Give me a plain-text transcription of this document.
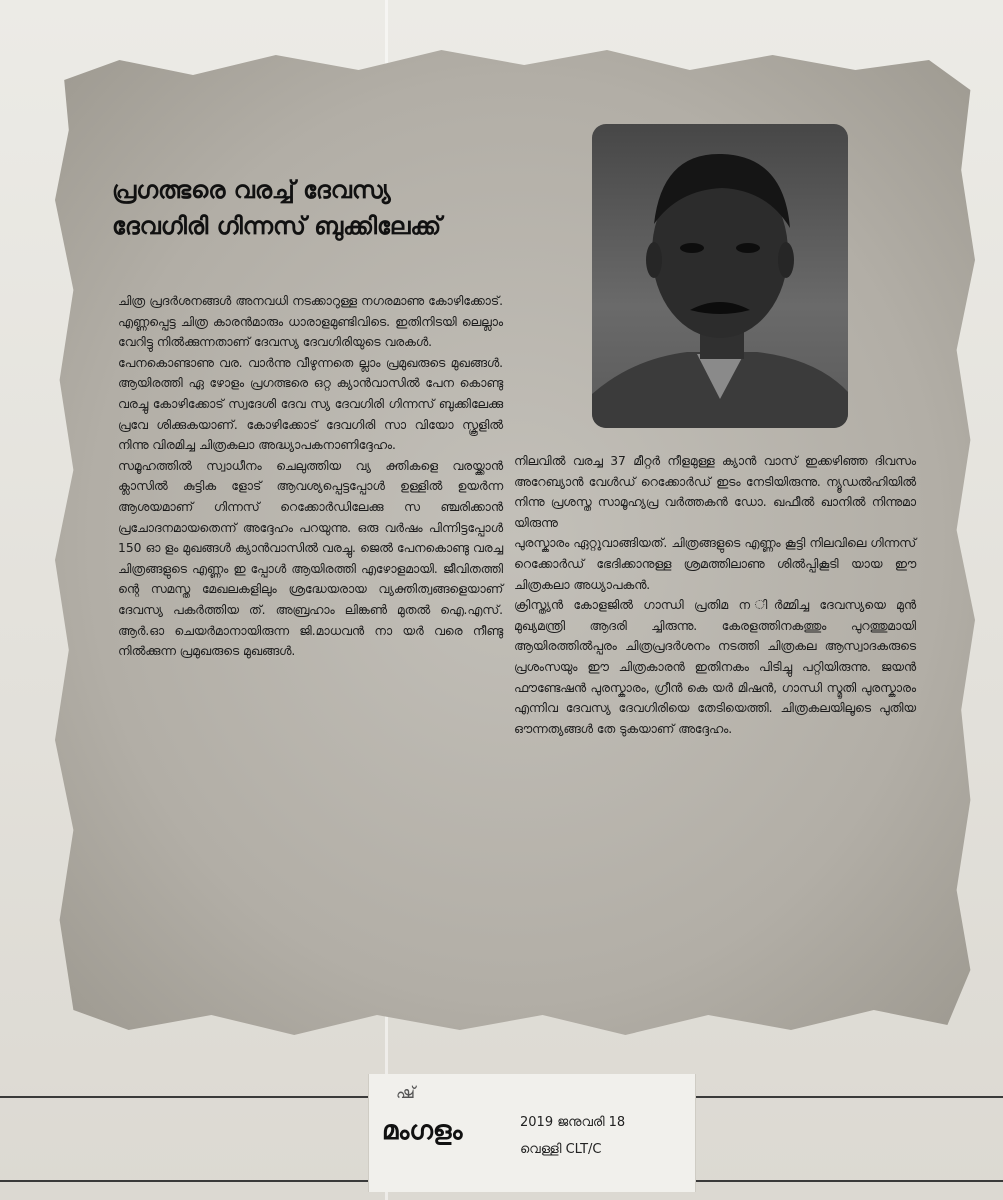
പ്രഗത്ഭരെ വരച്ച് ദേവസ്യ
ദേവഗിരി ഗിന്നസ് ബുക്കിലേക്ക്

ചിത്ര പ്രദർശനങ്ങൾ അനവധി നടക്കാറുള്ള നഗരമാണു കോഴിക്കോട്. എണ്ണപ്പെട്ട ചിത്ര കാരൻമാരും ധാരാളമുണ്ടിവിടെ. ഇതിനിടയി ലെല്ലാം വേറിട്ടു നിൽക്കുന്നതാണ് ദേവസ്യ ദേവഗിരിയുടെ വരകൾ.

പേനകൊണ്ടാണു വര. വാർന്നു വീഴുന്നതെ ല്ലാം പ്രമുഖരുടെ മുഖങ്ങൾ. ആയിരത്തി ഏ ഴോളം പ്രഗത്ഭരെ ഒറ്റ ക്യാൻവാസിൽ പേന കൊണ്ടു വരച്ചു കോഴിക്കോട് സ്വദേശി ദേവ സ്യ ദേവഗിരി ഗിന്നസ് ബുക്കിലേക്കു പ്രവേ ശിക്കുകയാണ്. കോഴിക്കോട് ദേവഗിരി സാ വിയോ സ്കൂളിൽ നിന്നു വിരമിച്ച ചിത്രകലാ അദ്ധ്യാപകനാണിദ്ദേഹം.

സമൂഹത്തിൽ സ്വാധീനം ചെലുത്തിയ വ്യ ക്തികളെ വരയ്ക്കാൻ ക്ലാസിൽ കുട്ടിക ളോട് ആവശ്യപ്പെട്ടപ്പോൾ ഉള്ളിൽ ഉയർന്ന ആശയമാണ് ഗിന്നസ് റെക്കോർഡിലേക്കു സ ഞ്ചരിക്കാൻ പ്രചോദനമായതെന്ന് അദ്ദേഹം പറയുന്നു. ഒരു വർഷം പിന്നിട്ടപ്പോൾ 150 ഓ ളം മുഖങ്ങൾ ക്യാൻവാസിൽ വരച്ചു. ജെൽ പേനകൊണ്ടു വരച്ച ചിത്രങ്ങളുടെ എണ്ണം ഇ പ്പോൾ ആയിരത്തി എഴോളമായി. ജീവിതത്തി ന്റെ സമസ്ത മേഖലകളിലും ശ്രദ്ധേയരായ വ്യക്തിത്വങ്ങളെയാണ് ദേവസ്യ പകർത്തിയ ത്. അബ്രഹാം ലിങ്കൺ മുതൽ ഐ.എസ്. ആർ.ഓ ചെയർമാനായിരുന്ന ജി.മാധവൻ നാ യർ വരെ നീണ്ടു നിൽക്കുന്ന പ്രമുഖരുടെ മുഖങ്ങൾ.

നിലവിൽ വരച്ച 37 മീറ്റർ നീളമുള്ള ക്യാൻ വാസ് ഇക്കഴിഞ്ഞ ദിവസം അറേബ്യാൻ വേൾഡ് റെക്കോർഡ് ഇടം നേടിയിരുന്നു. ന്യൂഡൽഹിയിൽ നിന്നു പ്രശസ്ത സാമൂഹ്യപ്ര വർത്തകൻ ഡോ. ഖഫീൽ ഖാനിൽ നിന്നുമാ യിരുന്നു

പുരസ്കാരം ഏറ്റുവാങ്ങിയത്. ചിത്രങ്ങളുടെ എണ്ണം കൂട്ടി നിലവിലെ ഗിന്നസ് റെക്കോർഡ് ഭേദിക്കാനുള്ള ശ്രമത്തിലാണു ശിൽപ്പികൂടി യായ ഈ ചിത്രകലാ അധ്യാപകൻ.

ക്രിസ്ത്യൻ കോളജിൽ ഗാന്ധി പ്രതിമ ന ിർമ്മിച്ച ദേവസ്യയെ മുൻ മുഖ്യമന്ത്രി ആദരി ച്ചിരുന്നു. കേരളത്തിനകത്തും പുറത്തുമായി ആയിരത്തിൽപ്പരം ചിത്രപ്രദർശനം നടത്തി ചിത്രകല ആസ്വാദകരുടെ പ്രശംസയും ഈ ചിത്രകാരൻ ഇതിനകം പിടിച്ചു പറ്റിയിരുന്നു. ജയൻ ഫൗണ്ടേഷൻ പുരസ്കാരം, ഗ്രീൻ കെ യർ മിഷൻ, ഗാന്ധി സ്മൃതി പുരസ്കാരം എന്നിവ ദേവസ്യ ദേവഗിരിയെ തേടിയെത്തി. ചിത്രകലയിലൂടെ പുതിയ ഔന്നത്യങ്ങൾ തേ ടുകയാണ് അദ്ദേഹം.

ഷ്
മംഗളം	2019 ജനുവരി 18
വെള്ളി CLT/C
